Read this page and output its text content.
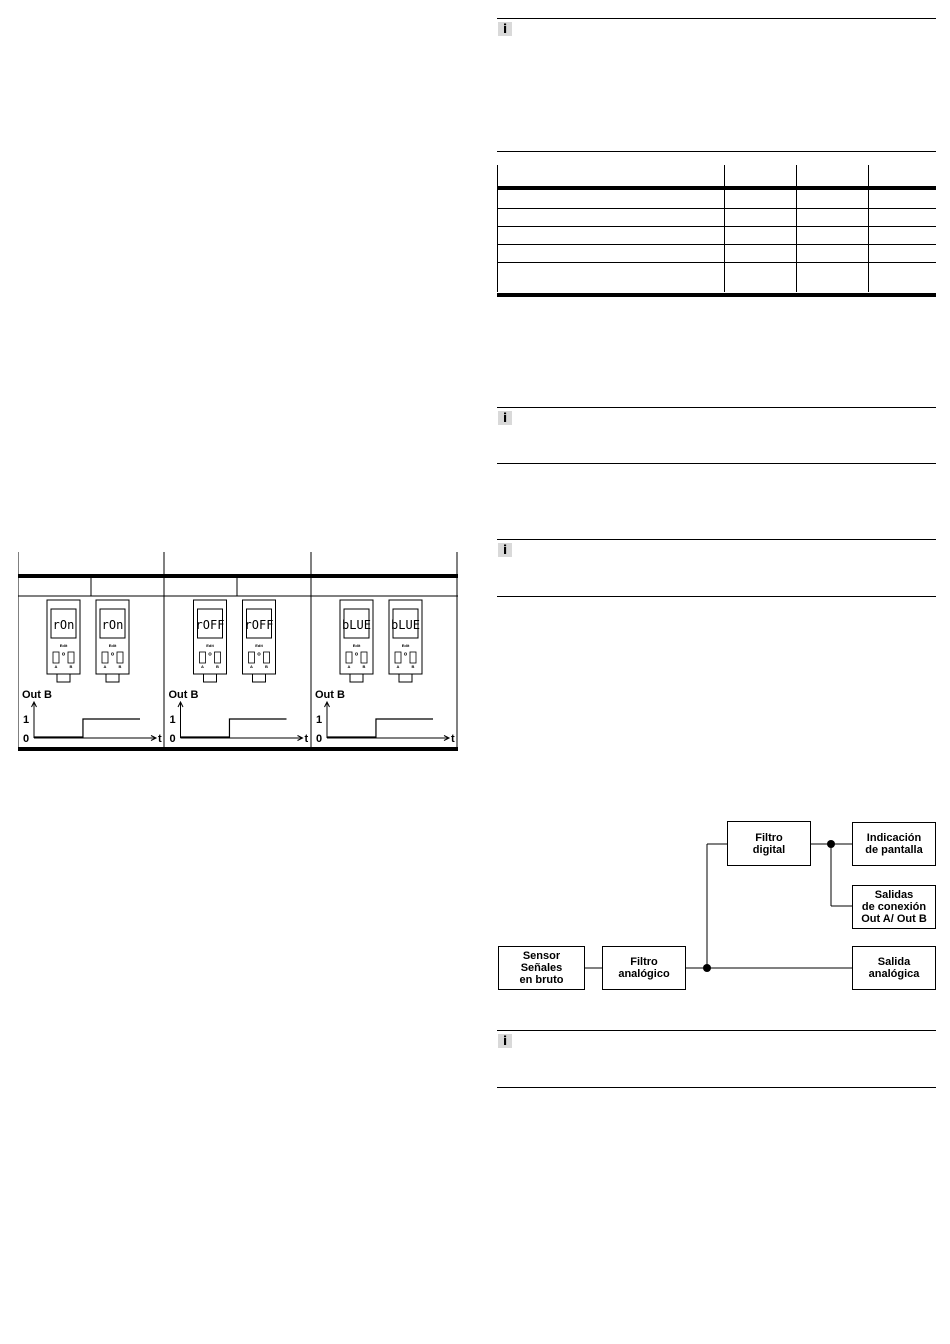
rOn
Edit
A	B
rOn
Edit
A	B
Out B
1
0	t
rOFF
Edit
A	B
rOFF
Edit
A	B
Out B
1
0	t
bLUE
Edit
A	B
bLUE
Edit
A	B
Out B
1
0	t
i

i
i
Sensor
Señales
en bruto
Filtro
analógico
Filtro
digital
Indicación
de pantalla
Salidas
de conexión
Out A/ Out B
Salida
analógica
i
